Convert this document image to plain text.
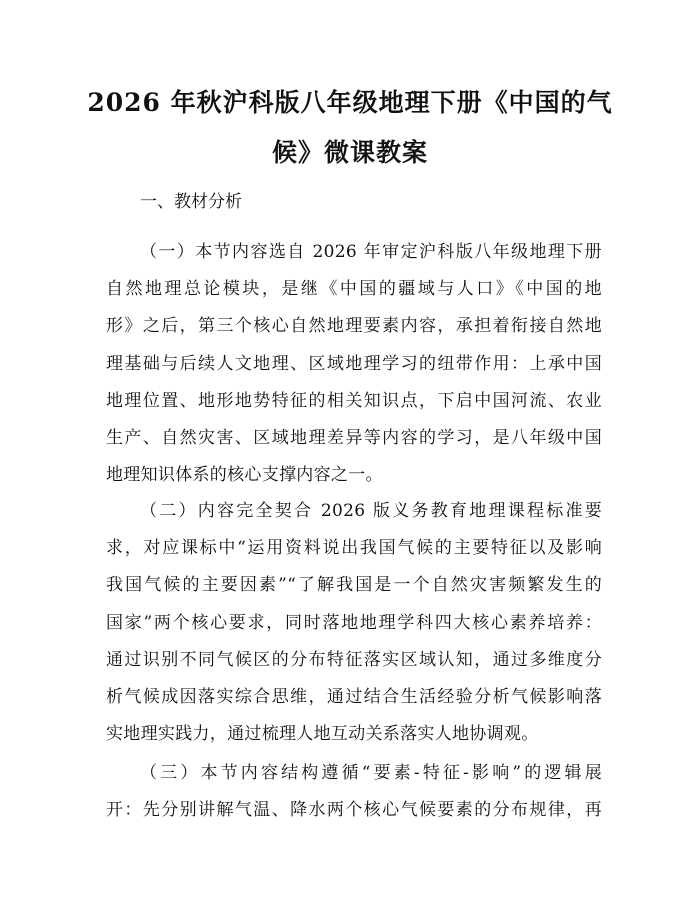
2026 年秋沪科版八年级地理下册《中国的气
候》微课教案
一、教材分析
（一）本节内容选自 2026 年审定沪科版八年级地理下册
自然地理总论模块，是继《中国的疆域与人口》《中国的地
形》之后，第三个核心自然地理要素内容，承担着衔接自然地
理基础与后续人文地理、区域地理学习的纽带作用：上承中国
地理位置、地形地势特征的相关知识点，下启中国河流、农业
生产、自然灾害、区域地理差异等内容的学习，是八年级中国
地理知识体系的核心支撑内容之一。
（二）内容完全契合 2026 版义务教育地理课程标准要
求，对应课标中“运用资料说出我国气候的主要特征以及影响
我国气候的主要因素”“了解我国是一个自然灾害频繁发生的
国家”两个核心要求，同时落地地理学科四大核心素养培养：
通过识别不同气候区的分布特征落实区域认知，通过多维度分
析气候成因落实综合思维，通过结合生活经验分析气候影响落
实地理实践力，通过梳理人地互动关系落实人地协调观。
（三）本节内容结构遵循“要素-特征-影响”的逻辑展
开：先分别讲解气温、降水两个核心气候要素的分布规律，再
